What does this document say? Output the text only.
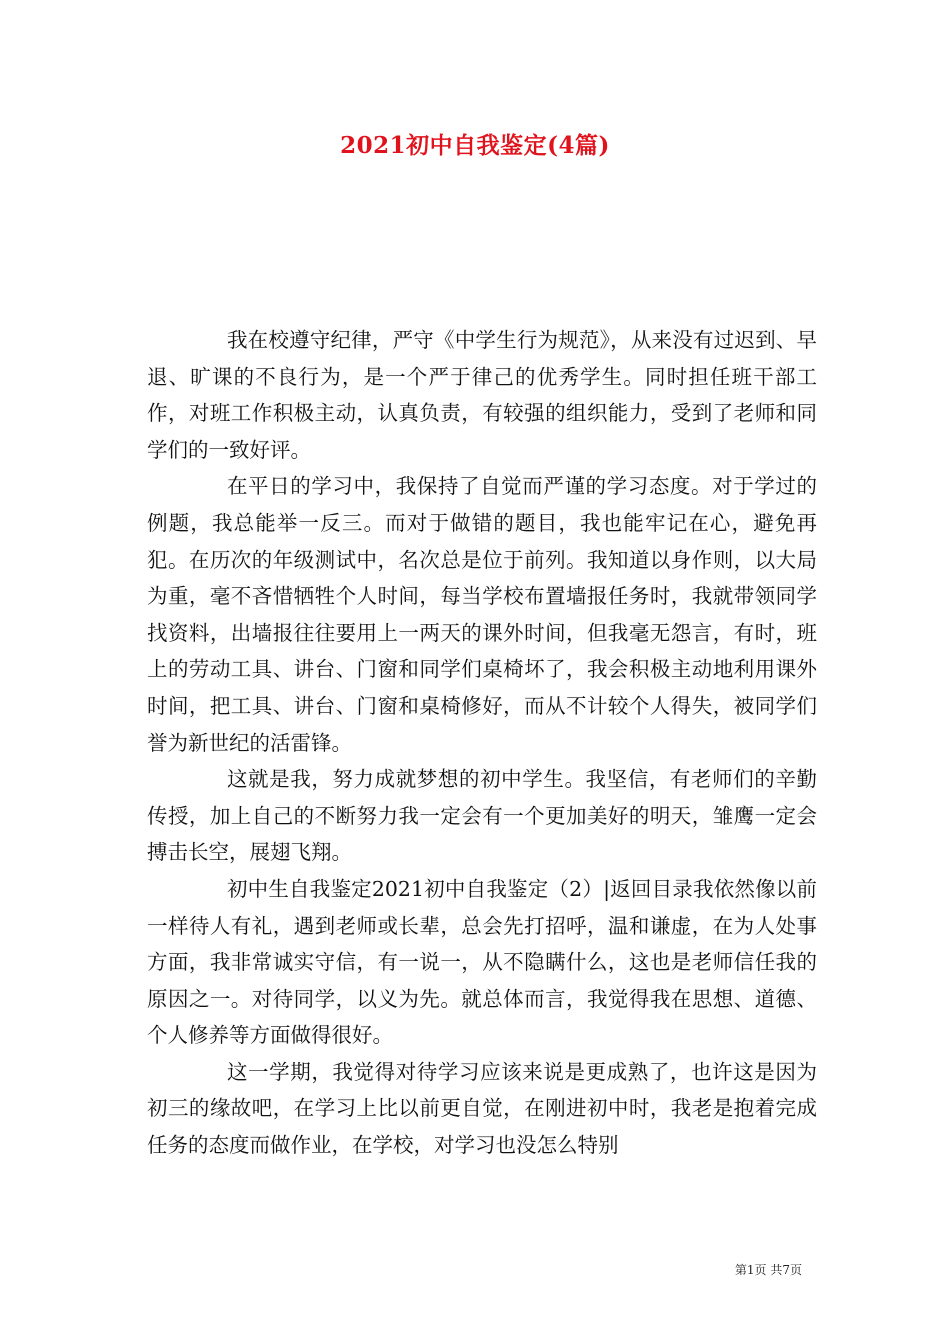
2021初中自我鉴定(4篇)

我在校遵守纪律，严守《中学生行为规范》，从来没有过迟到、早退、旷课的不良行为，是一个严于律己的优秀学生。同时担任班干部工作，对班工作积极主动，认真负责，有较强的组织能力，受到了老师和同学们的一致好评。

在平日的学习中，我保持了自觉而严谨的学习态度。对于学过的例题，我总能举一反三。而对于做错的题目，我也能牢记在心，避免再犯。在历次的年级测试中，名次总是位于前列。我知道以身作则，以大局为重，毫不吝惜牺牲个人时间，每当学校布置墙报任务时，我就带领同学找资料，出墙报往往要用上一两天的课外时间，但我毫无怨言，有时，班上的劳动工具、讲台、门窗和同学们桌椅坏了，我会积极主动地利用课外时间，把工具、讲台、门窗和桌椅修好，而从不计较个人得失，被同学们誉为新世纪的活雷锋。

这就是我，努力成就梦想的初中学生。我坚信，有老师们的辛勤传授，加上自己的不断努力我一定会有一个更加美好的明天，雏鹰一定会搏击长空，展翅飞翔。

初中生自我鉴定2021初中自我鉴定（2）|返回目录我依然像以前一样待人有礼，遇到老师或长辈，总会先打招呼，温和谦虚，在为人处事方面，我非常诚实守信，有一说一，从不隐瞒什么，这也是老师信任我的原因之一。对待同学，以义为先。就总体而言，我觉得我在思想、道德、个人修养等方面做得很好。

这一学期，我觉得对待学习应该来说是更成熟了，也许这是因为初三的缘故吧，在学习上比以前更自觉，在刚进初中时，我老是抱着完成任务的态度而做作业，在学校，对学习也没怎么特别

第1页 共7页
